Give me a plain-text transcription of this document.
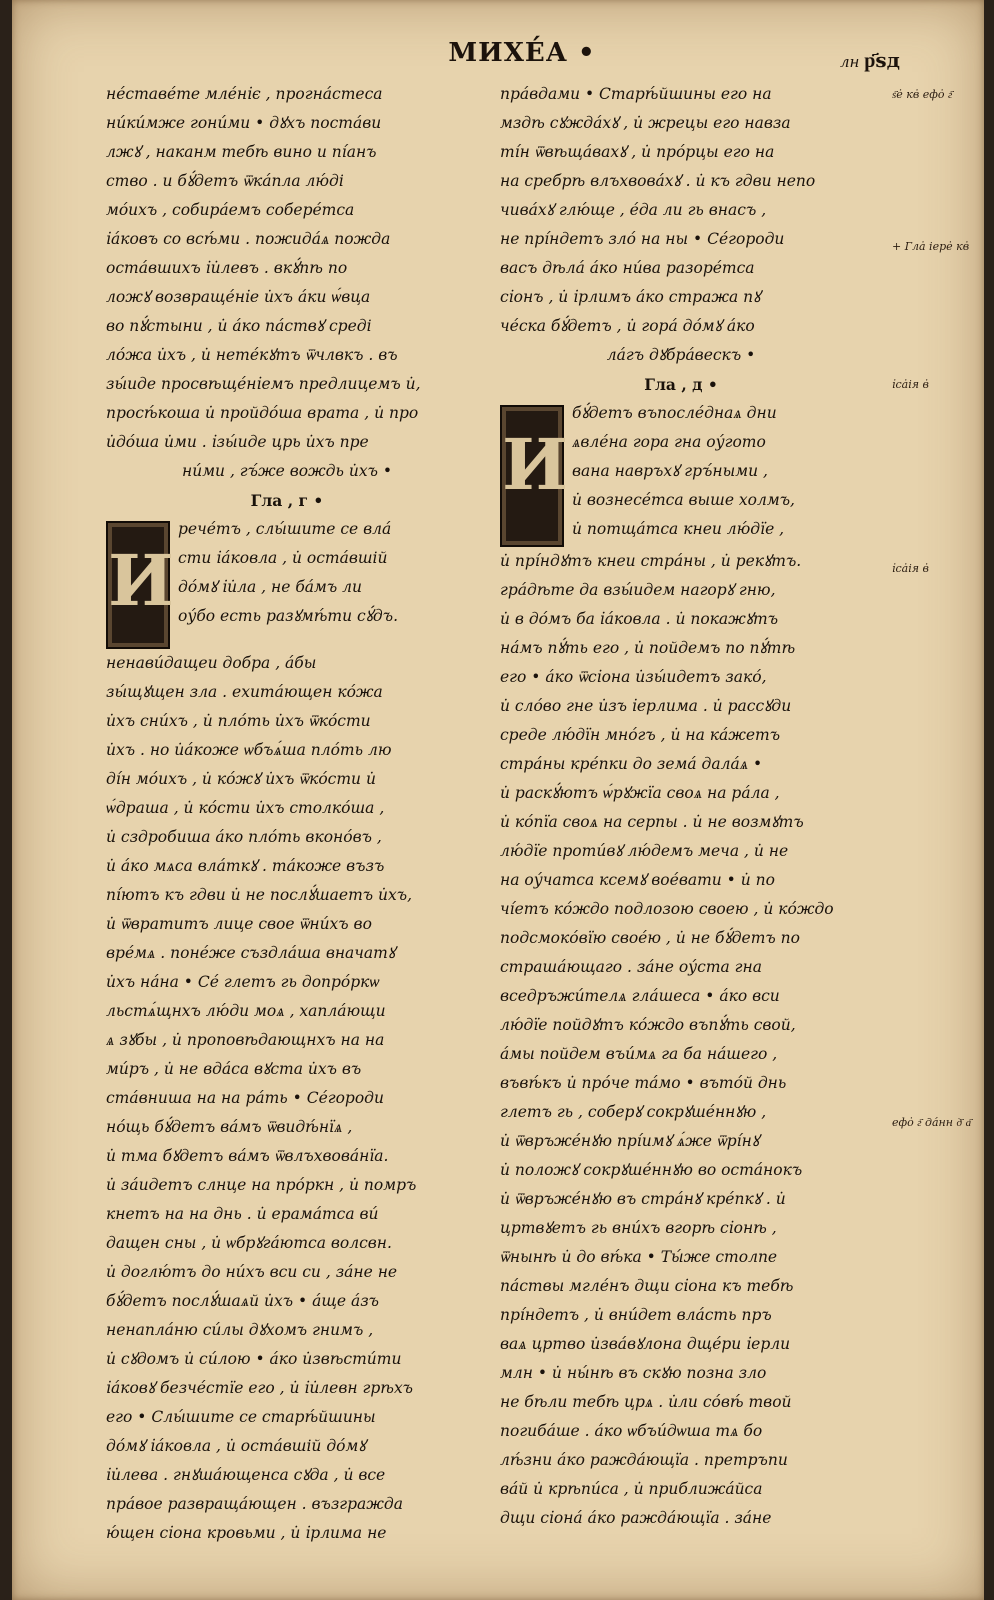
МИХЕ́А •	лн р҃ѕд
не́ставе́те мле́ні̇є , прогна́стеса
ни́ки́мже гони́ми • дꙋхъ поста́ви
лжꙋ , наканм тебѣ вино и пі́анъ
ство . и бꙋ́детъ ѿка́пла лю́ді
мо́ихъ , собира́емъ собере́тса
і̇а́ковъ со всѣ́ми . пожида́ѧ пожда
оста́вшихъ і̇и̇левъ . вкꙋ́пѣ по
ложꙋ возвраще́ні̇е и̇хъ а́ки ѡ́вца
во пꙋ́стыни , и̇ а́ко па́ствꙋ среді
ло́жа и̇хъ , и̇ нете́кꙋтъ ѿчлвкъ . въ
зы́иде просвѣще́ні̇емъ предлицемъ и̇,
просѣ́коша и̇ пройдо́ша врата , и̇ про
и̇до́ша и̇ми . і̇зы́иде црь и̇хъ пре
ни́ми , гъ́же вождь и̇хъ •
Гла , г •
И
рече́тъ , слы́шите се вла́
сти і̇а́ковла , и̇ оста́вшій
до́мꙋ і̇и̇ла , не ба́мъ ли
оу́бо есть разꙋмѣ́ти сꙋ́дъ.
ненави́дащеи добра , а́бы
зы́щꙋщен зла . ехита́ющен ко́жа
и̇хъ сни́хъ , и̇ пло́ть и̇хъ ѿко́сти
и̇хъ . но и̇а́коже ѡбъѧ́ша пло́ть лю
ді́н мо́ихъ , и̇ ко́жꙋ и̇хъ ѿко́сти и̇
ѡ́драша , и̇ ко́сти и̇хъ столко́ша ,
и̇ сздробиша а́ко пло́ть вконо́въ ,
и̇ а́ко мѧса вла́ткꙋ . та́коже възъ
пі́ютъ къ гдви и̇ не послꙋ́шаетъ и̇хъ,
и̇ ѿвратитъ лице свое ѿни́хъ во
вре́мѧ . поне́же създла́ша вначатꙋ
и̇хъ на́на • Се́ глетъ гь допро́ркѡ
льстѧ́щнхъ лю́ди моѧ , хапла́ющи
ѧ зꙋбы , и̇ проповѣдающнхъ на на
ми́ръ , и̇ не вда́са вꙋста и̇хъ въ
ста́вниша на на ра́ть • Се́городи
но́щь бꙋ́детъ ва́мъ ѿвидѣ́нїѧ ,
и̇ тма бꙋдетъ ва́мъ ѿвлъхвова́нїа.
и̇ за́идетъ слнце на про́ркн , и̇ помръ
кнетъ на на днь . и̇ ерама́тса ви́
дащен сны , и̇ ѡбрꙋга́ютса волсвн.
и̇ доглю́тъ до ни́хъ вси си , за́не не
бꙋ́детъ послꙋ́шаѧй и̇хъ • а́ще а́зъ
ненапла́ню си́лы дꙋхомъ гнимъ ,
и̇ сꙋдомъ и̇ си́лою • а́ко и̇звѣсти́ти
і̇а́ковꙋ безче́стїе его , и̇ і̇и̇левн грѣхъ
его • Слы́шите се старѣ́йшины
до́мꙋ і̇а́ковла , и̇ оста́вшій до́мꙋ
і̇и̇лева . гнꙋша́ющенса сꙋда , и̇ все
пра́вое развраща́ющен . възгражда
ю́щен сі̇она кровьми , и̇ і̇рлима не
пра́вдами • Старѣ́йшины его на
мздѣ сꙋжда́хꙋ , и̇ жрецы его навза
ті́н ѿвѣща́вахꙋ , и̇ про́рцы его на
на сребрѣ влъхвова́хꙋ . и̇ къ гдви непо
чива́хꙋ глю́ще , е́да ли гь внасъ ,
не прі́ндетъ зло́ на ны • Се́городи
васъ дѣла́ а́ко ни́ва разоре́тса
сі̇онъ , и̇ і̇рлимъ а́ко стража пꙋ
че́ска бꙋ́детъ , и̇ гора́ до́мꙋ а́ко
ла́гъ дꙋбра́вескъ •
Гла , д •
И
бꙋ́детъ въпосле́днаѧ дни
ѧвле́на гора гна оу́гото
вана навръхꙋ гръ́ными ,
и̇ вознесе́тса выше холмъ,
и̇ потща́тса кнеи лю́дїе ,
и̇ прі́ндꙋтъ кнеи стра́ны , и̇ рекꙋтъ.
гра́дѣте да взы́идем нагорꙋ гню,
и̇ в до́мъ ба і̇а́ковла . и̇ покажꙋтъ
на́мъ пꙋ́ть его , и̇ пойдемъ по пꙋ́тѣ
его • а́ко ѿсі̇она и̇зы́идетъ зако́,
и̇ сло́во гне и̇зъ і̇ерлима . и̇ рассꙋди
среде лю́дїн мно́гъ , и̇ на ка́жетъ
стра́ны кре́пки до зема́ дала́ѧ •
и̇ раскꙋ́ютъ ѡ́рꙋжїа своѧ на ра́ла ,
и̇ ко́пїа своѧ на серпы . и̇ не возмꙋтъ
лю́дїе проти́вꙋ лю́демъ меча , и̇ не
на оу́чатса ксемꙋ вое́вати • и̇ по
чі́етъ ко́ждо подлозою своею , и̇ ко́ждо
подсмоко́вїю свое́ю , и̇ не бꙋ́детъ по
страша́ющаго . за́не оу́ста гна
вседръжи́телѧ гла́шеса • а́ко вси
лю́дїе пойдꙋтъ ко́ждо въпꙋ́ть свой,
а́мы пойдем въи́мѧ га ба на́шего ,
въвѣ́къ и̇ про́че та́мо • въто́й днь
глетъ гь , соберꙋ сокрꙋше́ннꙋю ,
и̇ ѿвръже́нꙋю прі́имꙋ ѧ́же ѿрі́нꙋ
и̇ положꙋ сокрꙋше́ннꙋю во оста́нокъ
и̇ ѿвръже́нꙋю въ стра́нꙋ кре́пкꙋ . и̇
цртвꙋетъ гь вни́хъ вгорѣ сі̇онѣ ,
ѿнынѣ и̇ до вѣ́ка • Ты́же столпе
па́ствы мгле́нъ дщи сі̇она къ тебѣ
прі́ндетъ , и̇ вни́дет вла́сть пръ
ваѧ цртво и̇зва́вꙋлона дще́ри і̇ерли
млн • и̇ ны́нѣ въ скꙋю позна зло
не бѣли тебѣ црѧ . и̇ли со́вѣ́ твой
погиба́ше . а́ко ѡбъи́дѡша тѧ бо
лѣ́зни а́ко ражда́ющїа . претръпи
ва́й и̇ крѣпи́са , и̇ приближа́йса
дщи сі̇она́ а́ко ражда́ющїа . за́не
ѕ҃е̇ кв̇ ефо̇ г҃
+ Гла̇ іере̇ кв̇
і̇са̇ія в̇
і̇са̇ія в̇
ефо̇ г҃ да́нн д҃ а҃
